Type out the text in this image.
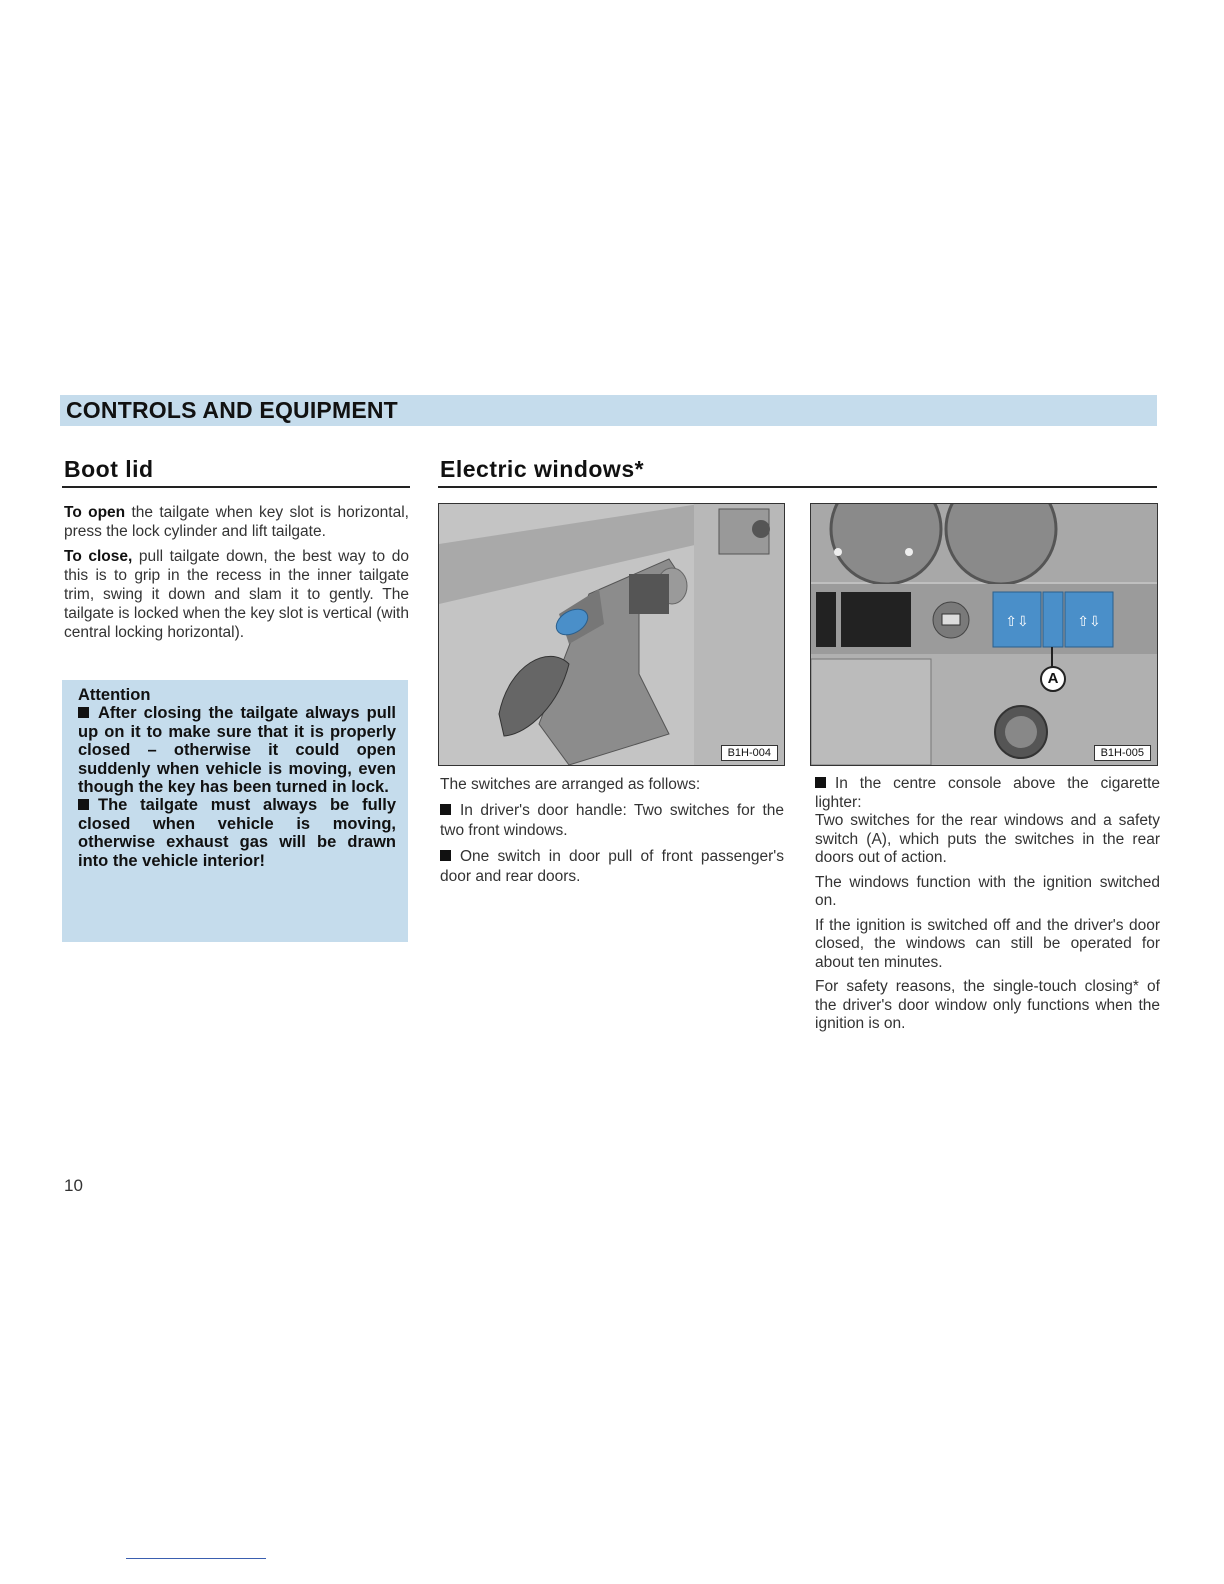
CONTROLS AND EQUIPMENT
Boot lid

To open the tailgate when key slot is horizontal, press the lock cylinder and lift tailgate.

To close, pull tailgate down, the best way to do this is to grip in the recess in the inner tailgate trim, swing it down and slam it to gently. The tailgate is locked when the key slot is vertical (with central locking horizontal).

Attention
After closing the tailgate always pull up on it to make sure that it is properly closed – otherwise it could open suddenly when vehicle is moving, even though the key has been turned in lock.
The tailgate must always be fully closed when vehicle is moving, otherwise exhaust gas will be drawn into the vehicle interior!
Electric windows*
B1H-004
⇧⇩	⇧⇩
A
B1H-005

The switches are arranged as follows:

In driver's door handle: Two switches for the two front windows.

One switch in door pull of front passenger's door and rear doors.

In the centre console above the cigarette lighter:

Two switches for the rear windows and a safety switch (A), which puts the switches in the rear doors out of action.

The windows function with the ignition switched on.

If the ignition is switched off and the driver's door closed, the windows can still be operated for about ten minutes.

For safety reasons, the single-touch closing* of the driver's door window only functions when the ignition is on.

10
